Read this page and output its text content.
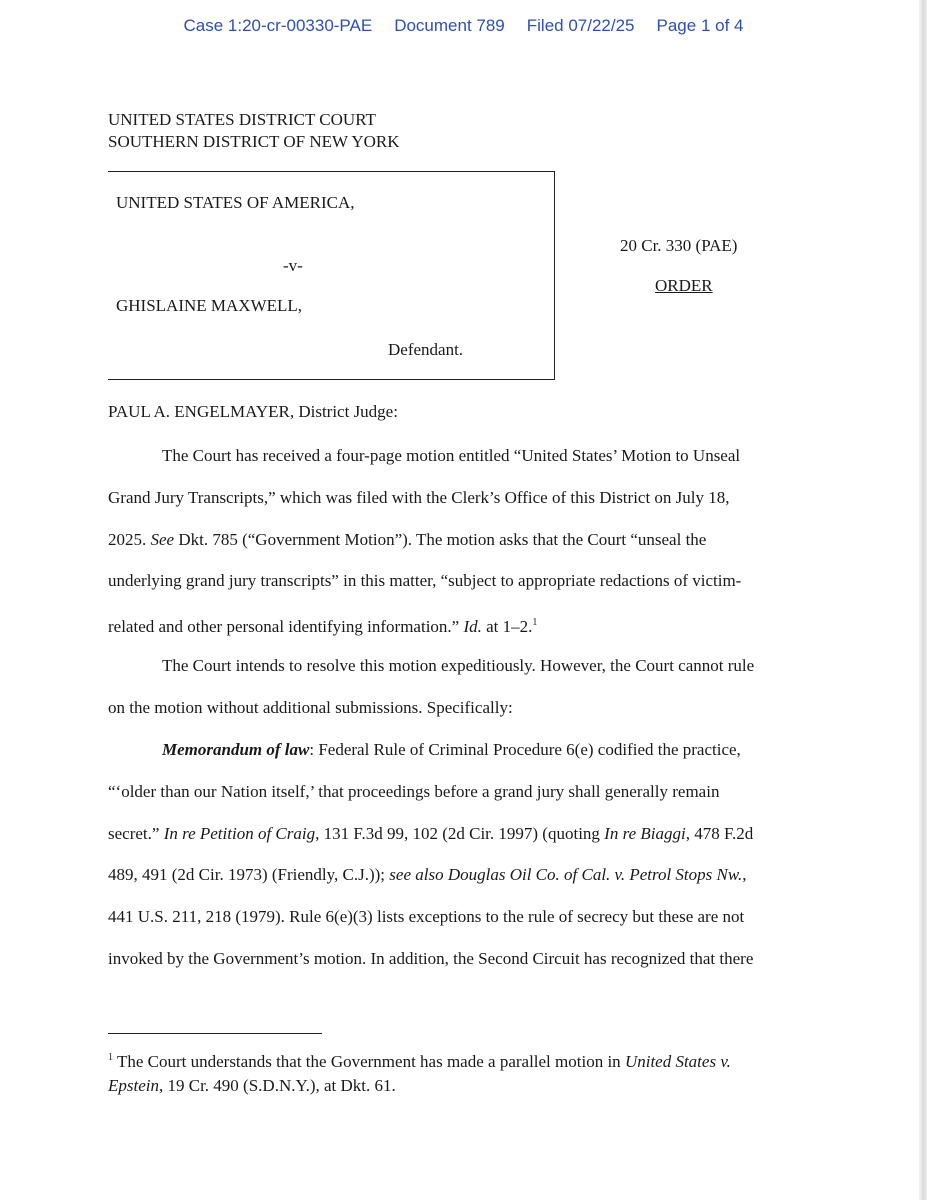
Case 1:20-cr-00330-PAE Document 789 Filed 07/22/25 Page 1 of 4
UNITED STATES DISTRICT COURT
SOUTHERN DISTRICT OF NEW YORK
UNITED STATES OF AMERICA,
-v-
GHISLAINE MAXWELL,
Defendant.
20 Cr. 330 (PAE)
ORDER
PAUL A. ENGELMAYER, District Judge:
The Court has received a four-page motion entitled “United States’ Motion to Unseal
Grand Jury Transcripts,” which was filed with the Clerk’s Office of this District on July 18,
2025. See Dkt. 785 (“Government Motion”). The motion asks that the Court “unseal the
underlying grand jury transcripts” in this matter, “subject to appropriate redactions of victim-
related and other personal identifying information.” Id. at 1–2.$^1$
The Court intends to resolve this motion expeditiously. However, the Court cannot rule
on the motion without additional submissions. Specifically:
Memorandum of law: Federal Rule of Criminal Procedure 6(e) codified the practice,
“‘older than our Nation itself,’ that proceedings before a grand jury shall generally remain
secret.” In re Petition of Craig, 131 F.3d 99, 102 (2d Cir. 1997) (quoting In re Biaggi, 478 F.2d
489, 491 (2d Cir. 1973) (Friendly, C.J.)); see also Douglas Oil Co. of Cal. v. Petrol Stops Nw.,
441 U.S. 211, 218 (1979). Rule 6(e)(3) lists exceptions to the rule of secrecy but these are not
invoked by the Government’s motion. In addition, the Second Circuit has recognized that there
$^1$ The Court understands that the Government has made a parallel motion in United States v.
Epstein, 19 Cr. 490 (S.D.N.Y.), at Dkt. 61.
